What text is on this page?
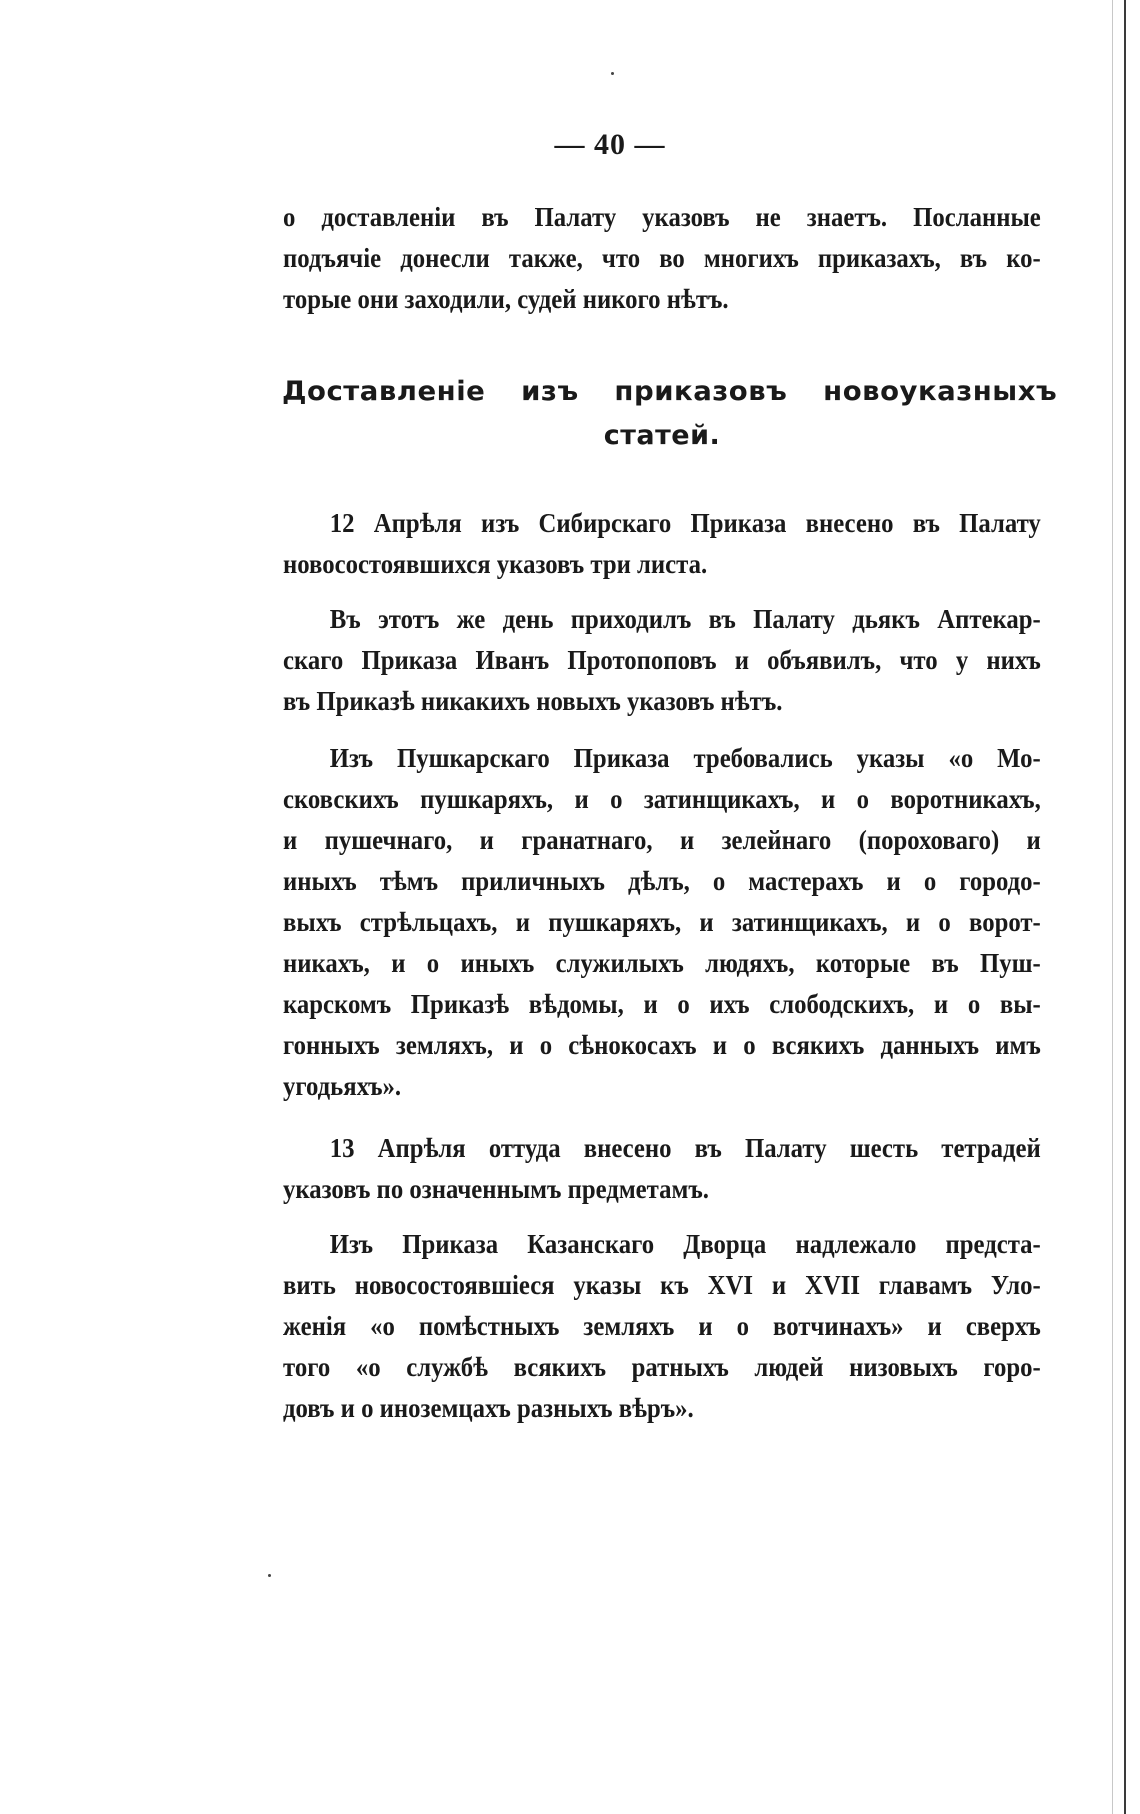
— 40 —
о доставленіи въ Палату указовъ не знаетъ. Посланные
подъячіе донесли также, что во многихъ приказахъ, въ ко-
торые они заходили, судей никого нѣтъ.
Доставленіе изъ приказовъ новоуказныхъ
статей.
12 Апрѣля изъ Сибирскаго Приказа внесено въ Палату
новосостоявшихся указовъ три листа.
Въ этотъ же день приходилъ въ Палату дьякъ Аптекар-
скаго Приказа Иванъ Протопоповъ и объявилъ, что у нихъ
въ Приказѣ никакихъ новыхъ указовъ нѣтъ.
Изъ Пушкарскаго Приказа требовались указы «о Мо-
сковскихъ пушкаряхъ, и о затинщикахъ, и о воротникахъ,
и пушечнаго, и гранатнаго, и зелейнаго (пороховаго) и
иныхъ тѣмъ приличныхъ дѣлъ, о мастерахъ и о городо-
выхъ стрѣльцахъ, и пушкаряхъ, и затинщикахъ, и о ворот-
никахъ, и о иныхъ служилыхъ людяхъ, которые въ Пуш-
карскомъ Приказѣ вѣдомы, и о ихъ слободскихъ, и о вы-
гонныхъ земляхъ, и о сѣнокосахъ и о всякихъ данныхъ имъ
угодьяхъ».
13 Апрѣля оттуда внесено въ Палату шесть тетрадей
указовъ по означеннымъ предметамъ.
Изъ Приказа Казанскаго Дворца надлежало предста-
вить новосостоявшіеся указы къ XVI и XVII главамъ Уло-
женія «о помѣстныхъ земляхъ и о вотчинахъ» и сверхъ
того «о службѣ всякихъ ратныхъ людей низовыхъ горо-
довъ и о иноземцахъ разныхъ вѣръ».
